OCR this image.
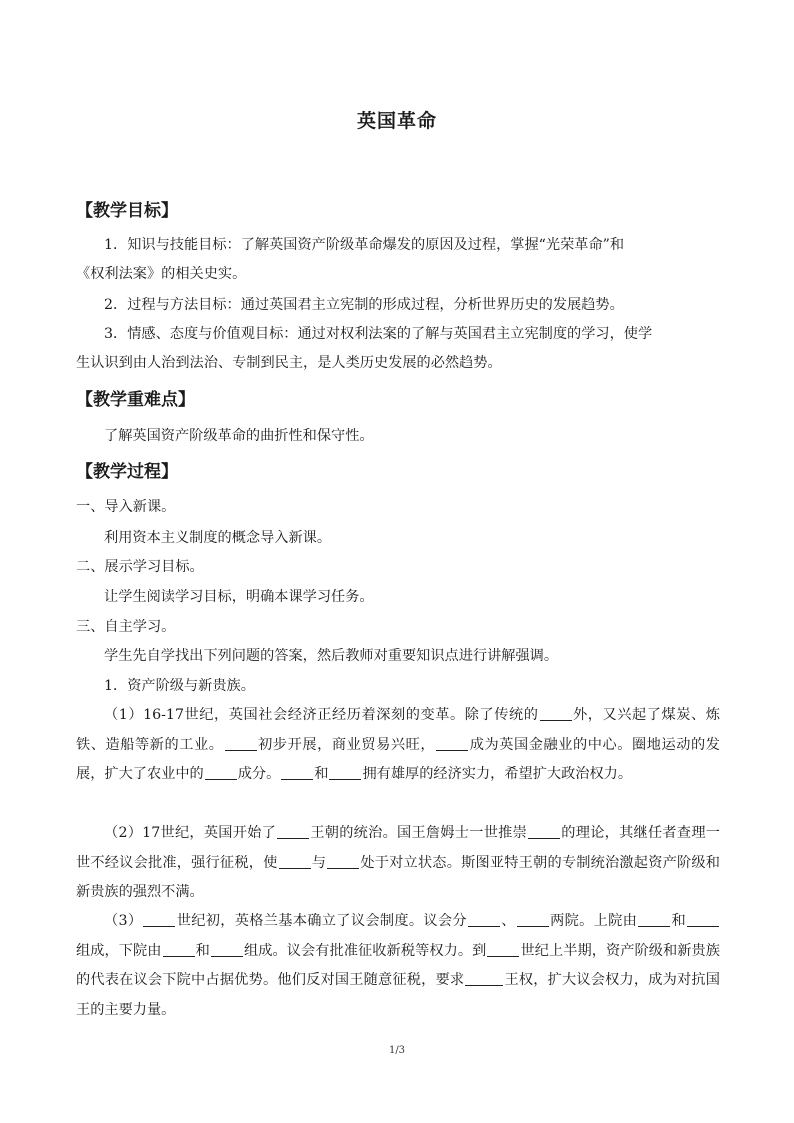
英国革命
【教学目标】
1．知识与技能目标：了解英国资产阶级革命爆发的原因及过程，掌握“光荣革命”和
《权利法案》的相关史实。
2．过程与方法目标：通过英国君主立宪制的形成过程，分析世界历史的发展趋势。
3．情感、态度与价值观目标：通过对权利法案的了解与英国君主立宪制度的学习，使学
生认识到由人治到法治、专制到民主，是人类历史发展的必然趋势。
【教学重难点】
了解英国资产阶级革命的曲折性和保守性。
【教学过程】
一、导入新课。
利用资本主义制度的概念导入新课。
二、展示学习目标。
让学生阅读学习目标，明确本课学习任务。
三、自主学习。
学生先自学找出下列问题的答案，然后教师对重要知识点进行讲解强调。
1．资产阶级与新贵族。

（1）16-17世纪，英国社会经济正经历着深刻的变革。除了传统的 外，又兴起了煤炭、炼铁、造船等新的工业。 初步开展，商业贸易兴旺， 成为英国金融业的中心。圈地运动的发展，扩大了农业中的 成分。 和 拥有雄厚的经济实力，希望扩大政治权力。

（2）17世纪，英国开始了 王朝的统治。国王詹姆士一世推崇 的理论，其继任者查理一世不经议会批准，强行征税，使 与 处于对立状态。斯图亚特王朝的专制统治激起资产阶级和新贵族的强烈不满。

（3） 世纪初，英格兰基本确立了议会制度。议会分 、 两院。上院由 和组成，下院由 和 组成。议会有批准征收新税等权力。到 世纪上半期，资产阶级和新贵族的代表在议会下院中占据优势。他们反对国王随意征税，要求	王权，扩大议会权力，成为对抗国王的主要力量。

1/3
